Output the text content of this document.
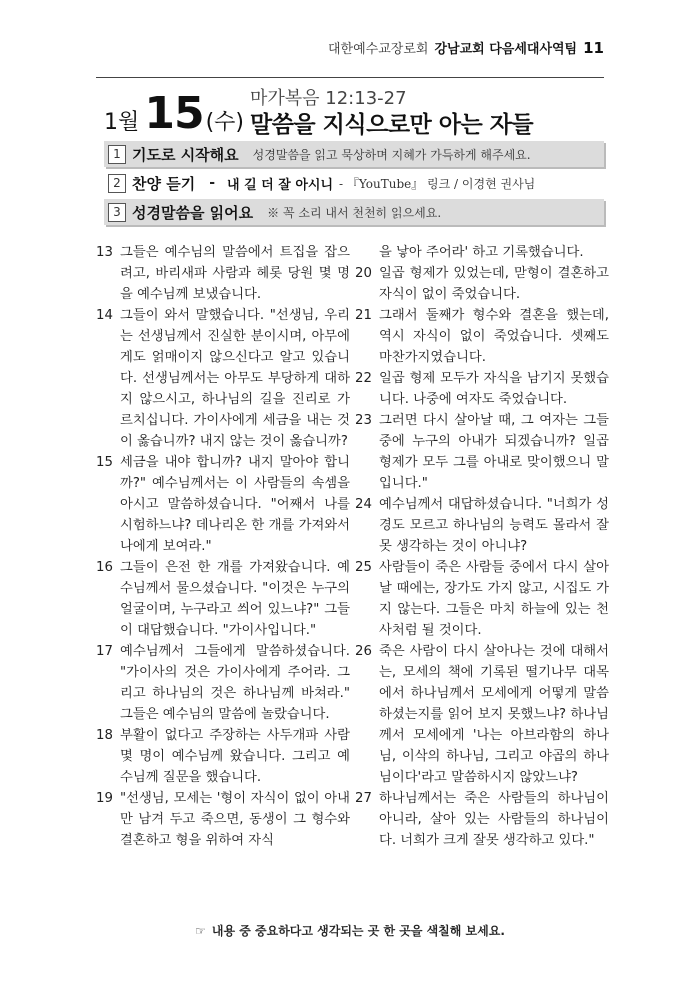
대한예수교장로회 강남교회 다음세대사역팀 11
1월 15(수)
마가복음 12:13-27
말씀을 지식으로만 아는 자들
1 기도로 시작해요 성경말씀을 읽고 묵상하며 지혜가 가득하게 해주세요.
2 찬양 듣기 - 내 길 더 잘 아시니 - 『YouTube』 링크 / 이경현 권사님
3 성경말씀을 읽어요 ※ 꼭 소리 내서 천천히 읽으세요.
13 그들은 예수님의 말씀에서 트집을 잡으려고, 바리새파 사람과 헤롯 당원 몇 명을 예수님께 보냈습니다.
14 그들이 와서 말했습니다. "선생님, 우리는 선생님께서 진실한 분이시며, 아무에게도 얽매이지 않으신다고 알고 있습니다. 선생님께서는 아무도 부당하게 대하지 않으시고, 하나님의 길을 진리로 가르치십니다. 가이사에게 세금을 내는 것이 옳습니까? 내지 않는 것이 옳습니까?
15 세금을 내야 합니까? 내지 말아야 합니까?" 예수님께서는 이 사람들의 속셈을 아시고 말씀하셨습니다. "어째서 나를 시험하느냐? 데나리온 한 개를 가져와서 나에게 보여라."
16 그들이 은전 한 개를 가져왔습니다. 예수님께서 물으셨습니다. "이것은 누구의 얼굴이며, 누구라고 씌어 있느냐?" 그들이 대답했습니다. "가이사입니다."
17 예수님께서 그들에게 말씀하셨습니다. "가이사의 것은 가이사에게 주어라. 그리고 하나님의 것은 하나님께 바쳐라." 그들은 예수님의 말씀에 놀랐습니다.
18 부활이 없다고 주장하는 사두개파 사람 몇 명이 예수님께 왔습니다. 그리고 예수님께 질문을 했습니다.
19 "선생님, 모세는 '형이 자식이 없이 아내만 남겨 두고 죽으면, 동생이 그 형수와 결혼하고 형을 위하여 자식
을 낳아 주어라' 하고 기록했습니다.
20 일곱 형제가 있었는데, 맏형이 결혼하고 자식이 없이 죽었습니다.
21 그래서 둘째가 형수와 결혼을 했는데, 역시 자식이 없이 죽었습니다. 셋째도 마찬가지였습니다.
22 일곱 형제 모두가 자식을 남기지 못했습니다. 나중에 여자도 죽었습니다.
23 그러면 다시 살아날 때, 그 여자는 그들 중에 누구의 아내가 되겠습니까? 일곱 형제가 모두 그를 아내로 맞이했으니 말입니다."
24 예수님께서 대답하셨습니다. "너희가 성경도 모르고 하나님의 능력도 몰라서 잘못 생각하는 것이 아니냐?
25 사람들이 죽은 사람들 중에서 다시 살아날 때에는, 장가도 가지 않고, 시집도 가지 않는다. 그들은 마치 하늘에 있는 천사처럼 될 것이다.
26 죽은 사람이 다시 살아나는 것에 대해서는, 모세의 책에 기록된 떨기나무 대목에서 하나님께서 모세에게 어떻게 말씀하셨는지를 읽어 보지 못했느냐? 하나님께서 모세에게 '나는 아브라함의 하나님, 이삭의 하나님, 그리고 야곱의 하나님이다'라고 말씀하시지 않았느냐?
27 하나님께서는 죽은 사람들의 하나님이 아니라, 살아 있는 사람들의 하나님이다. 너희가 크게 잘못 생각하고 있다."
☞ 내용 중 중요하다고 생각되는 곳 한 곳을 색칠해 보세요.
